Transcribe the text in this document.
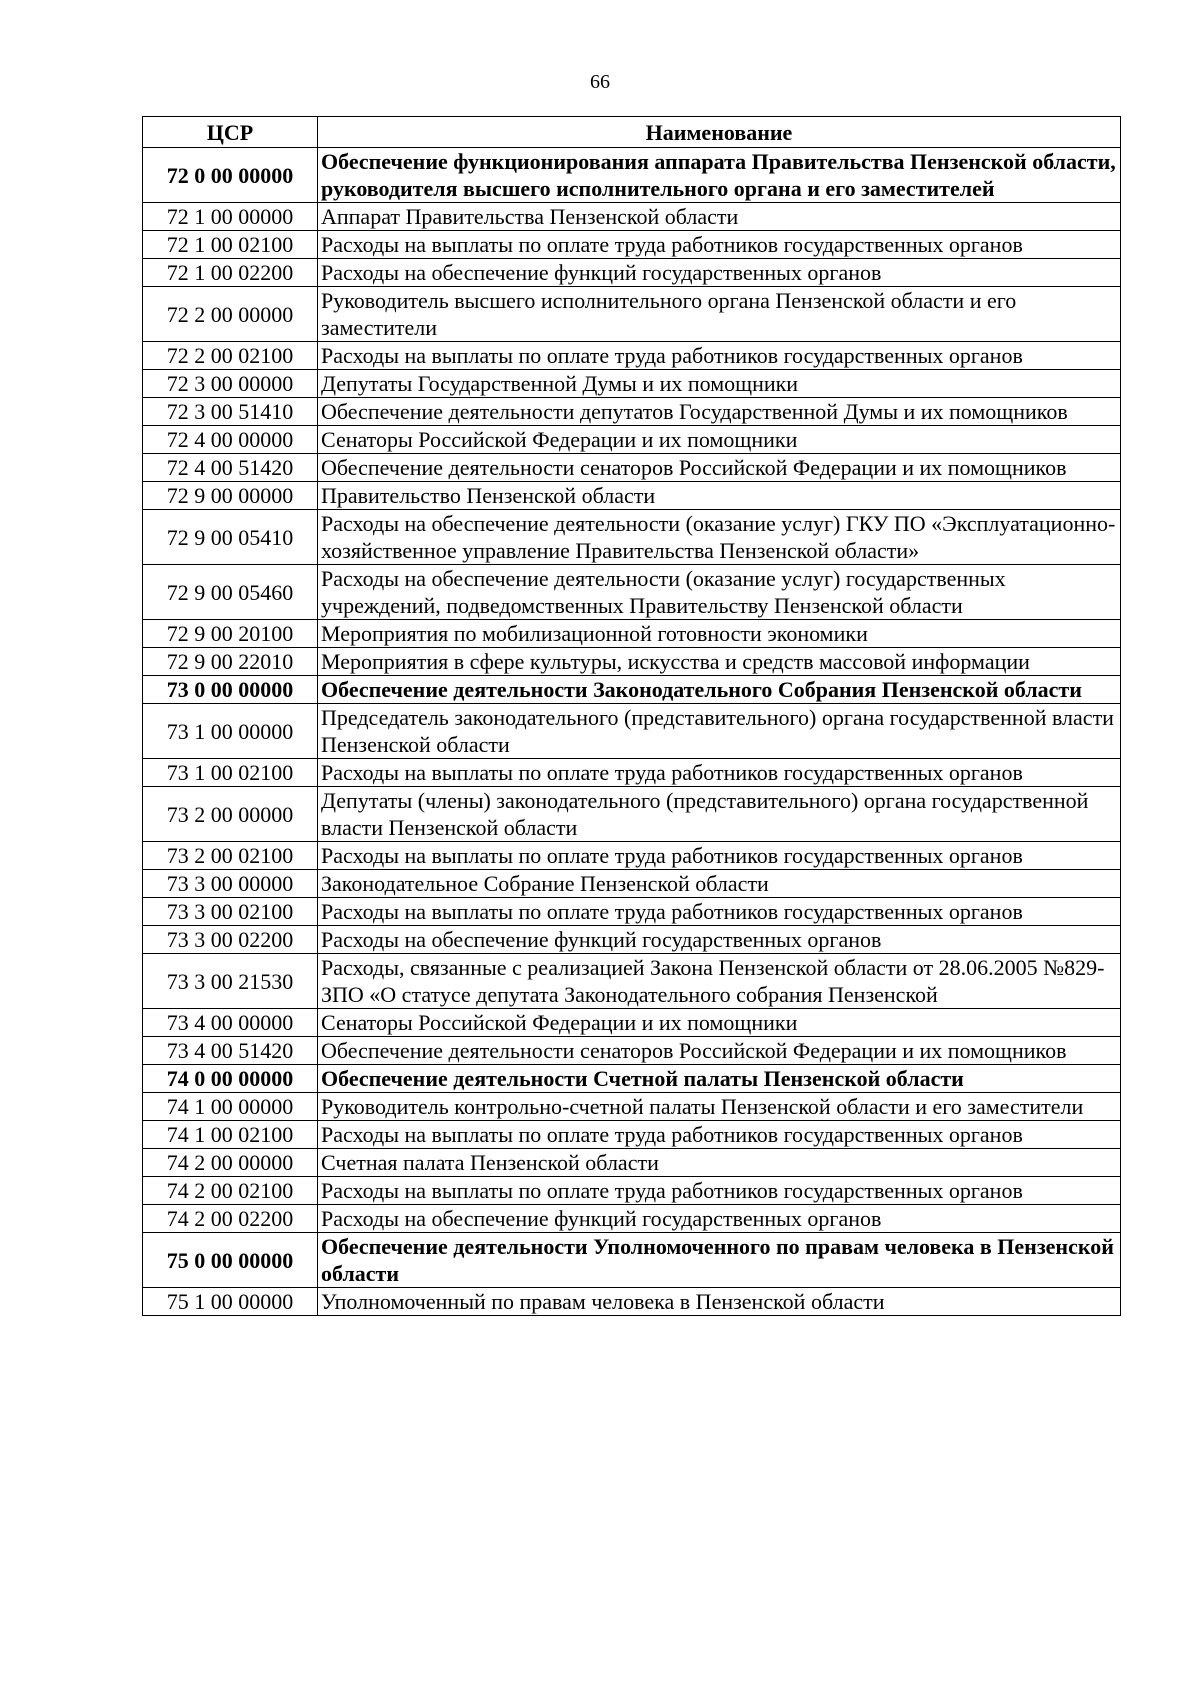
66
ЦСР	Наименование
72 0 00 00000	Обеспечение функционирования аппарата Правительства Пензенской области, руководителя высшего исполнительного органа и его заместителей
72 1 00 00000	Аппарат Правительства Пензенской области
72 1 00 02100	Расходы на выплаты по оплате труда работников государственных органов
72 1 00 02200	Расходы на обеспечение функций государственных органов
72 2 00 00000	Руководитель высшего исполнительного органа Пензенской области и его заместители
72 2 00 02100	Расходы на выплаты по оплате труда работников государственных органов
72 3 00 00000	Депутаты Государственной Думы и их помощники
72 3 00 51410	Обеспечение деятельности депутатов Государственной Думы и их помощников
72 4 00 00000	Сенаторы Российской Федерации и их помощники
72 4 00 51420	Обеспечение деятельности сенаторов Российской Федерации и их помощников
72 9 00 00000	Правительство Пензенской области
72 9 00 05410	Расходы на обеспечение деятельности (оказание услуг) ГКУ ПО «Эксплуатационно-хозяйственное управление Правительства Пензенской области»
72 9 00 05460	Расходы на обеспечение деятельности (оказание услуг) государственных учреждений, подведомственных Правительству Пензенской области
72 9 00 20100	Мероприятия по мобилизационной готовности экономики
72 9 00 22010	Мероприятия в сфере культуры, искусства и средств массовой информации
73 0 00 00000	Обеспечение деятельности Законодательного Собрания Пензенской области
73 1 00 00000	Председатель законодательного (представительного) органа государственной власти Пензенской области
73 1 00 02100	Расходы на выплаты по оплате труда работников государственных органов
73 2 00 00000	Депутаты (члены) законодательного (представительного) органа государственной власти Пензенской области
73 2 00 02100	Расходы на выплаты по оплате труда работников государственных органов
73 3 00 00000	Законодательное Собрание Пензенской области
73 3 00 02100	Расходы на выплаты по оплате труда работников государственных органов
73 3 00 02200	Расходы на обеспечение функций государственных органов
73 3 00 21530	Расходы, связанные с реализацией Закона Пензенской области от 28.06.2005 №829-ЗПО «О статусе депутата Законодательного собрания Пензенской
73 4 00 00000	Сенаторы Российской Федерации и их помощники
73 4 00 51420	Обеспечение деятельности сенаторов Российской Федерации и их помощников
74 0 00 00000	Обеспечение деятельности Счетной палаты Пензенской области
74 1 00 00000	Руководитель контрольно-счетной палаты Пензенской области и его заместители
74 1 00 02100	Расходы на выплаты по оплате труда работников государственных органов
74 2 00 00000	Счетная палата Пензенской области
74 2 00 02100	Расходы на выплаты по оплате труда работников государственных органов
74 2 00 02200	Расходы на обеспечение функций государственных органов
75 0 00 00000	Обеспечение деятельности Уполномоченного по правам человека в Пензенской области
75 1 00 00000	Уполномоченный по правам человека в Пензенской области
